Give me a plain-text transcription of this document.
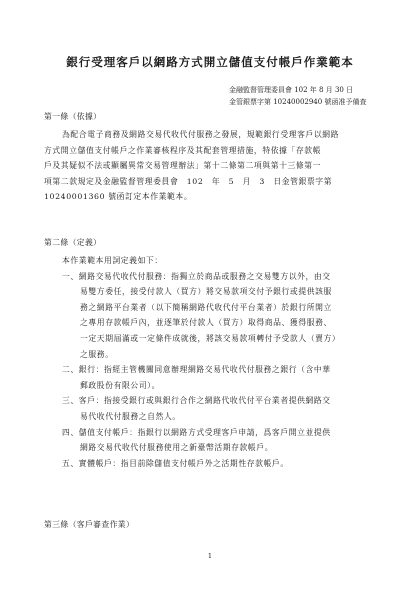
銀行受理客戶以網路方式開立儲值支付帳戶作業範本
金融監督管理委員會 102 年 8 月 30 日
金管銀票字第 10240002940 號函准予備查
第一條（依據）
為配合電子商務及網路交易代收代付服務之發展，規範銀行受理客戶以網路
方式開立儲值支付帳戶之作業審核程序及其配套管理措施，特依據「存款帳
戶及其疑似不法或顯屬異常交易管理辦法」第十二條第二項與第十三條第一
項第二款規定及金融監督管理委員會　102　年　5　月　3　日金管銀票字第
10240001360 號函訂定本作業範本。
第二條（定義）
本作業範本用詞定義如下：
一、網路交易代收代付服務：指獨立於商品或服務之交易雙方以外，由交
易雙方委任，接受付款人（買方）將交易款項交付予銀行或提供該服
務之網路平台業者（以下簡稱網路代收代付平台業者）於銀行所開立
之專用存款帳戶內，並逐筆於付款人（買方）取得商品、獲得服務、
一定天期屆滿或一定條件成就後，將該交易款項轉付予受款人（賣方）
之服務。
二、銀行：指經主管機關同意辦理網路交易代收代付服務之銀行（含中華
郵政股份有限公司）。
三、客戶：指接受銀行或與銀行合作之網路代收代付平台業者提供網路交
易代收代付服務之自然人。
四、儲值支付帳戶：指銀行以網路方式受理客戶申請，爲客戶開立並提供
網路交易代收代付服務使用之新臺幣活期存款帳戶。
五、實體帳戶：指目前除儲值支付帳戶外之活期性存款帳戶。
第三條（客戶審查作業）
1
